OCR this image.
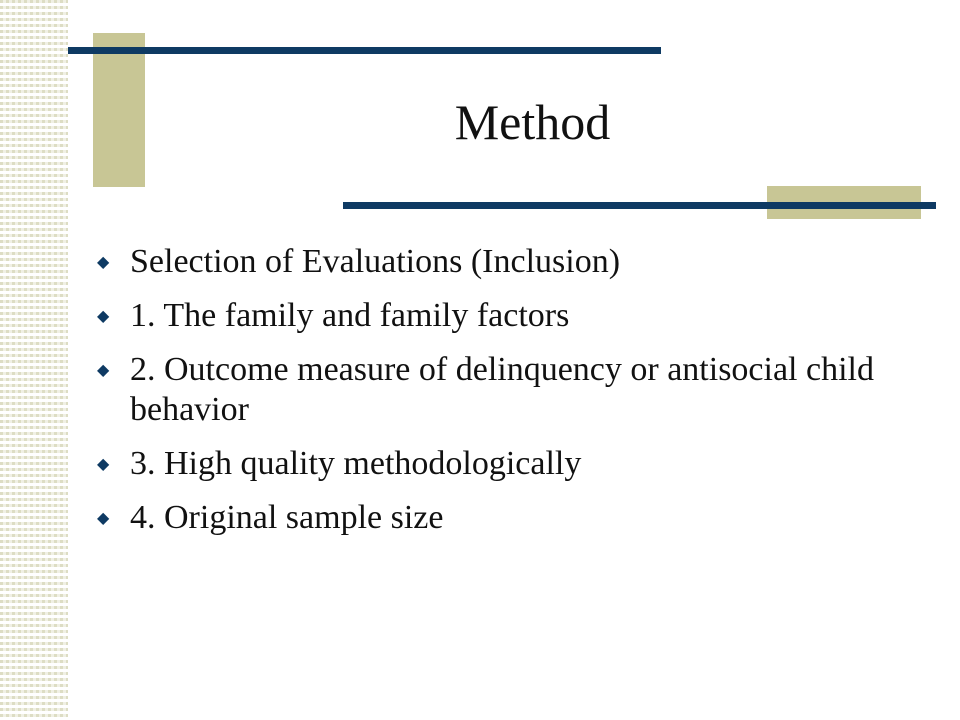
Method
◆ Selection of Evaluations (Inclusion)
◆ 1. The family and family factors
◆ 2. Outcome measure of delinquency or antisocial child behavior
◆ 3. High quality methodologically
◆ 4. Original sample size
